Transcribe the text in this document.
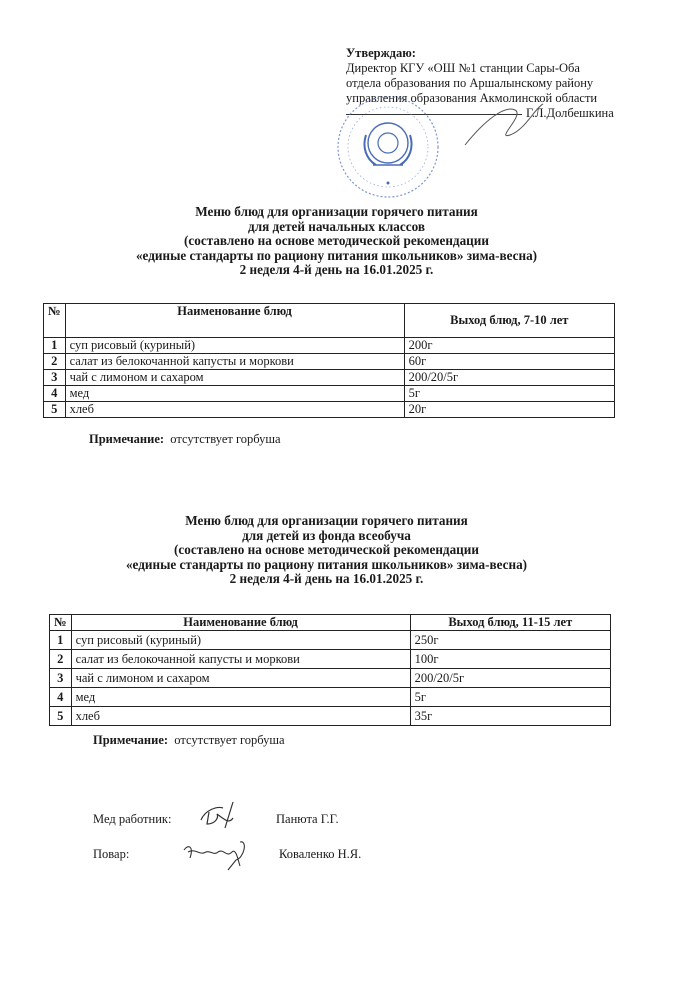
Утверждаю:
Директор КГУ «ОШ №1 станции Сары-Оба
отдела образования по Аршалынскому району
управления образования Акмолинской области
Г.Л.Долбешкина
Меню блюд для организации горячего питания
для детей начальных классов
(составлено на основе методической рекомендации
«единые стандарты по рациону питания школьников» зима-весна)
2 неделя 4-й день на 16.01.2025 г.
№	Наименование блюд	Выход блюд, 7-10 лет
1	суп рисовый (куриный)	200г
2	салат из белокочанной капусты и моркови	60г
3	чай с лимоном и сахаром	200/20/5г
4	мед	5г
5	хлеб	20г
Примечание: отсутствует горбуша
Меню блюд для организации горячего питания
для детей из фонда всеобуча
(составлено на основе методической рекомендации
«единые стандарты по рациону питания школьников» зима-весна)
2 неделя 4-й день на 16.01.2025 г.
№	Наименование блюд	Выход блюд, 11-15 лет
1	суп рисовый (куриный)	250г
2	салат из белокочанной капусты и моркови	100г
3	чай с лимоном и сахаром	200/20/5г
4	мед	5г
5	хлеб	35г
Примечание: отсутствует горбуша
Мед работник:	Панюта Г.Г.
Повар:	Коваленко Н.Я.
